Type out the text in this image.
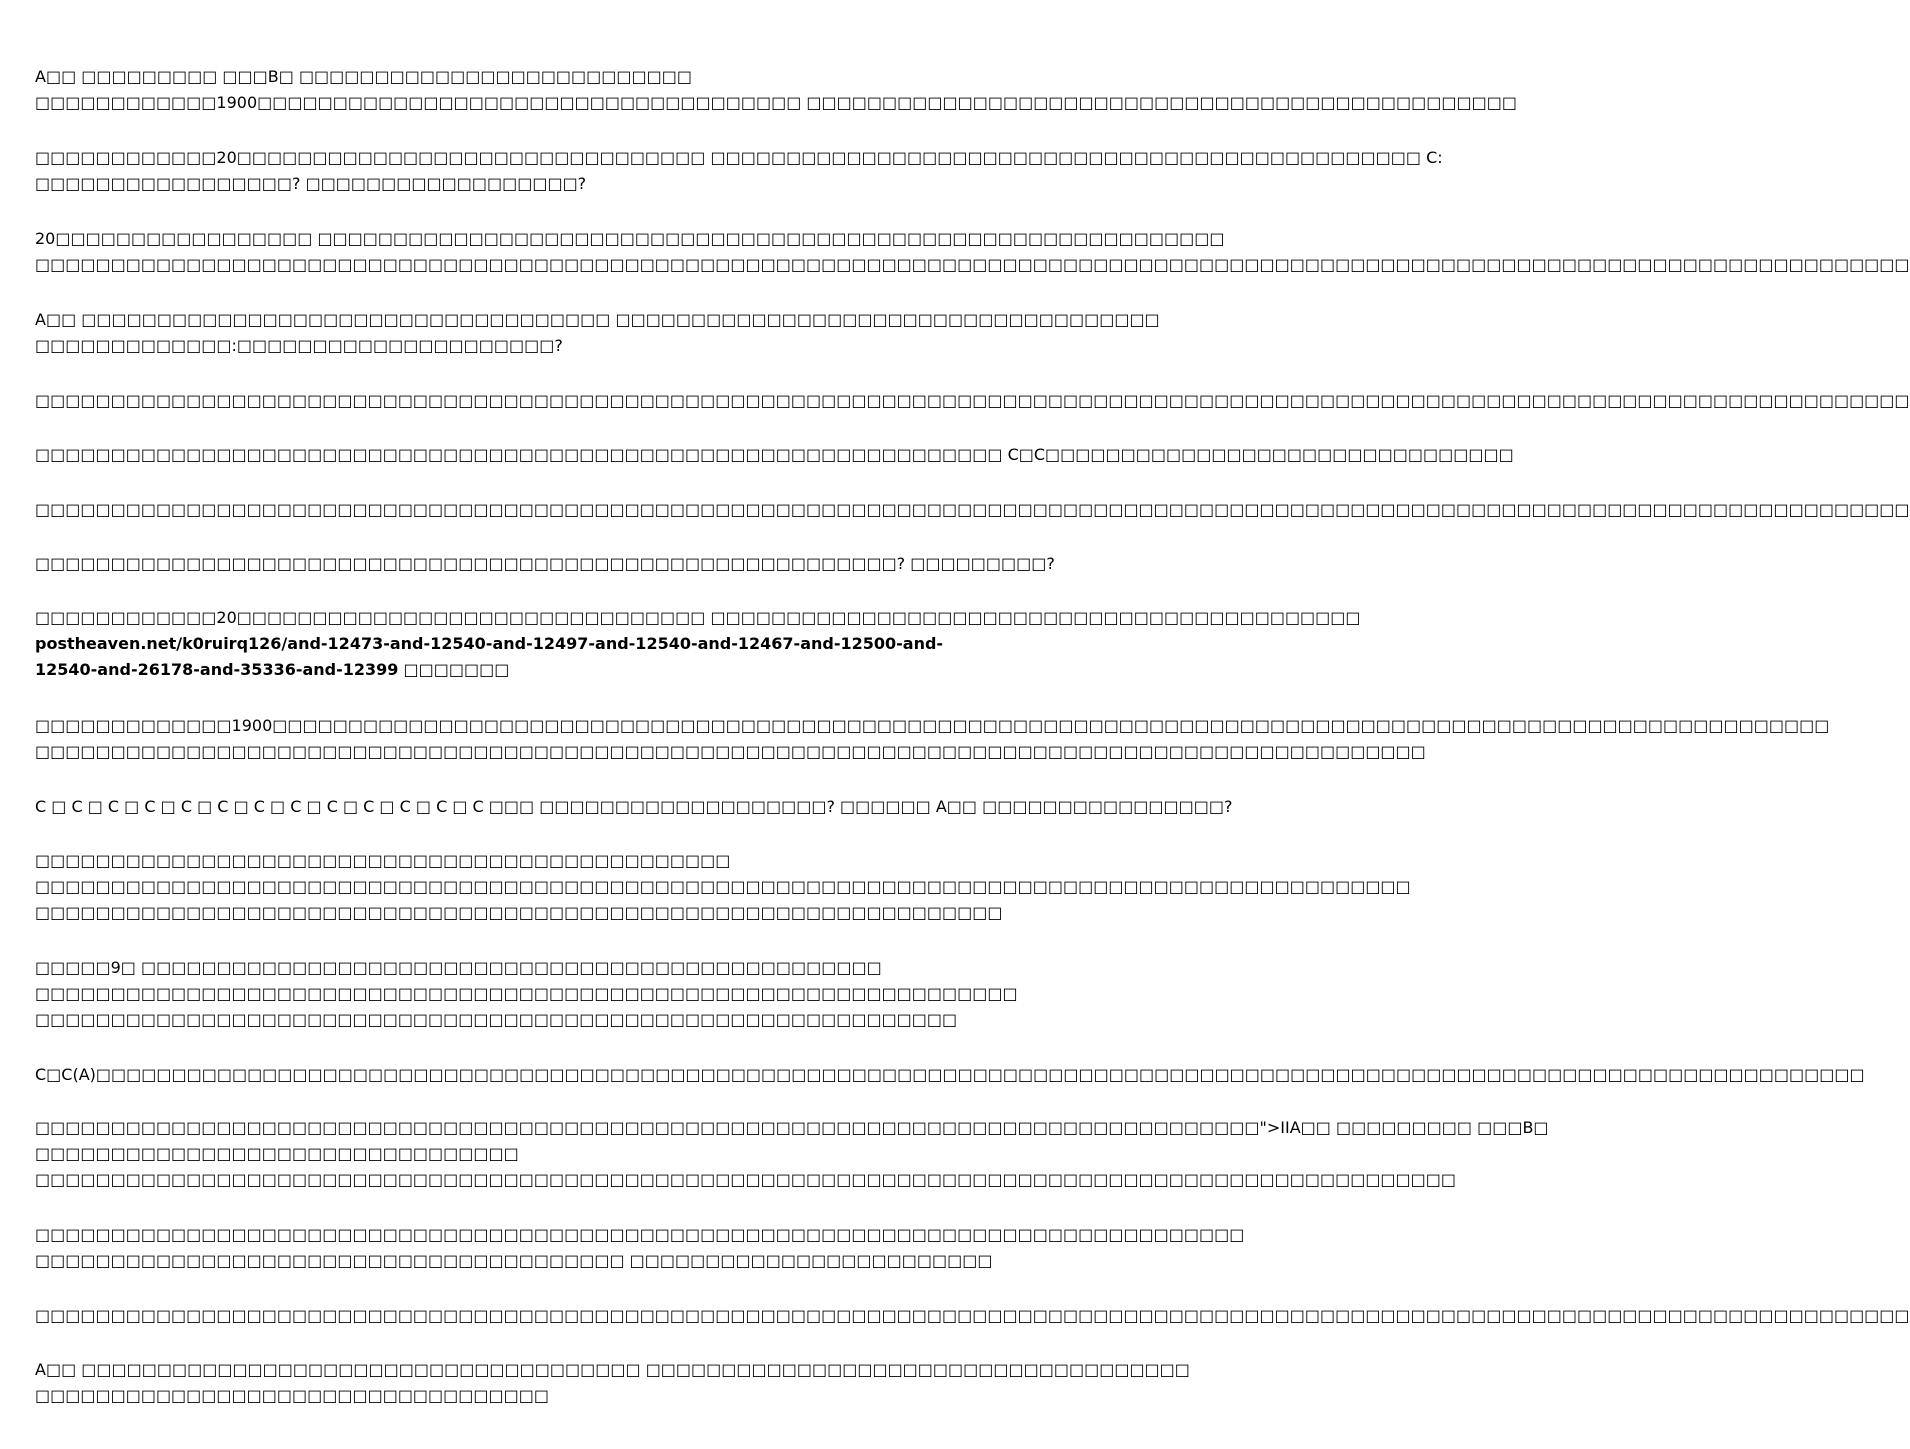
A□□ □□□□□□□□□ □□□B□ □□□□□□□□□□□□□□□□□□□□□□□□□□
□□□□□□□□□□□□1900□□□□□□□□□□□□□□□□□□□□□□□□□□□□□□□□□□□□ □□□□□□□□□□□□□□□□□□□□□□□□□□□□□□□□□□□□□□□□□□□□□□□
□□□□□□□□□□□□20□□□□□□□□□□□□□□□□□□□□□□□□□□□□□□□ □□□□□□□□□□□□□□□□□□□□□□□□□□□□□□□□□□□□□□□□□□□□□□□ C:
□□□□□□□□□□□□□□□□□? □□□□□□□□□□□□□□□□□□?
20□□□□□□□□□□□□□□□□□ □□□□□□□□□□□□□□□□□□□□□□□□□□□□□□□□□□□□□□□□□□□□□□□□□□□□□□□□□□□□
□□□□□□□□□□□□□□□□□□□□□□□□□□□□□□□□□□□□□□□□□□□□□□□□□□□□□□□□□□□□□□□□□□□□□□□□□□□□□□□□□□□□□□□□□□□□□□□□□□□□□□□□□□□□□□□□□□□□□□□□□□□□
A□□ □□□□□□□□□□□□□□□□□□□□□□□□□□□□□□□□□□□ □□□□□□□□□□□□□□□□□□□□□□□□□□□□□□□□□□□□
□□□□□□□□□□□□□:□□□□□□□□□□□□□□□□□□□□□?
□□□□□□□□□□□□□□□□□□□□□□□□□□□□□□□□□□□□□□□□□□□□□□□□□□□□□□□□□□□□□□□□□□□□□□□□□□□□□□□□□□□□□□□□□□□□□□□□□□□□□□□□□□□□□□□□□□□□□□□□□□□□
□□□□□□□□□□□□□□□□□□□□□□□□□□□□□□□□□□□□□□□□□□□□□□□□□□□□□□□□□□□□□□□□ C□C□□□□□□□□□□□□□□□□□□□□□□□□□□□□□□□
□□□□□□□□□□□□□□□□□□□□□□□□□□□□□□□□□□□□□□□□□□□□□□□□□□□□□□□□□□□□□□□□□□□□□□□□□□□□□□□□□□□□□□□□□□□□□□□□□□□□□□□□□□□□□□□□□□□□□□□□□□□□
□□□□□□□□□□□□□□□□□□□□□□□□□□□□□□□□□□□□□□□□□□□□□□□□□□□□□□□□□? □□□□□□□□□?
□□□□□□□□□□□□20□□□□□□□□□□□□□□□□□□□□□□□□□□□□□□□ □□□□□□□□□□□□□□□□□□□□□□□□□□□□□□□□□□□□□□□□□□□
postheaven.net/k0ruirq126/and-12473-and-12540-and-12497-and-12540-and-12467-and-12500-and-12540-and-26178-and-35336-and-12399 □□□□□□□
□□□□□□□□□□□□□1900□□□□□□□□□□□□□□□□□□□□□□□□□□□□□□□□□□□□□□□□□□□□□□□□□□□□□□□□□□□□□□□□□□□□□□□□□□□□□□□□□□□□□□□□□□□□□□□□□□□□□□□
□□□□□□□□□□□□□□□□□□□□□□□□□□□□□□□□□□□□□□□□□□□□□□□□□□□□□□□□□□□□□□□□□□□□□□□□□□□□□□□□□□□□□□□□□□□□
C □ C □ C □ C □ C □ C □ C □ C □ C □ C □ C □ C □ C □□□ □□□□□□□□□□□□□□□□□□□? □□□□□□ A□□ □□□□□□□□□□□□□□□□?
□□□□□□□□□□□□□□□□□□□□□□□□□□□□□□□□□□□□□□□□□□□□□□
□□□□□□□□□□□□□□□□□□□□□□□□□□□□□□□□□□□□□□□□□□□□□□□□□□□□□□□□□□□□□□□□□□□□□□□□□□□□□□□□□□□□□□□□□□□
□□□□□□□□□□□□□□□□□□□□□□□□□□□□□□□□□□□□□□□□□□□□□□□□□□□□□□□□□□□□□□□□
□□□□□9□ □□□□□□□□□□□□□□□□□□□□□□□□□□□□□□□□□□□□□□□□□□□□□□□□□
□□□□□□□□□□□□□□□□□□□□□□□□□□□□□□□□□□□□□□□□□□□□□□□□□□□□□□□□□□□□□□□□□
□□□□□□□□□□□□□□□□□□□□□□□□□□□□□□□□□□□□□□□□□□□□□□□□□□□□□□□□□□□□□
C□C(A)□□□□□□□□□□□□□□□□□□□□□□□□□□□□□□□□□□□□□□□□□□□□□□□□□□□□□□□□□□□□□□□□□□□□□□□□□□□□□□□□□□□□□□□□□□□□□□□□□□□□□□□□□□□□□□□□□□□□□
□□□□□□□□□□□□□□□□□□□□□□□□□□□□□□□□□□□□□□□□□□□□□□□□□□□□□□□□□□□□□□□□□□□□□□□□□□□□□□□□□">IIA□□ □□□□□□□□□ □□□B□
□□□□□□□□□□□□□□□□□□□□□□□□□□□□□□□□
□□□□□□□□□□□□□□□□□□□□□□□□□□□□□□□□□□□□□□□□□□□□□□□□□□□□□□□□□□□□□□□□□□□□□□□□□□□□□□□□□□□□□□□□□□□□□□
□□□□□□□□□□□□□□□□□□□□□□□□□□□□□□□□□□□□□□□□□□□□□□□□□□□□□□□□□□□□□□□□□□□□□□□□□□□□□□□□
□□□□□□□□□□□□□□□□□□□□□□□□□□□□□□□□□□□□□□□ □□□□□□□□□□□□□□□□□□□□□□□□
□□□□□□□□□□□□□□□□□□□□□□□□□□□□□□□□□□□□□□□□□□□□□□□□□□□□□□□□□□□□□□□□□□□□□□□□□□□□□□□□□□□□□□□□□□□□□□□□□□□□□□□□□□□□□□□□□□□□□□□□□□□□
A□□ □□□□□□□□□□□□□□□□□□□□□□□□□□□□□□□□□□□□□ □□□□□□□□□□□□□□□□□□□□□□□□□□□□□□□□□□□□
□□□□□□□□□□□□□□□□□□□□□□□□□□□□□□□□□□
